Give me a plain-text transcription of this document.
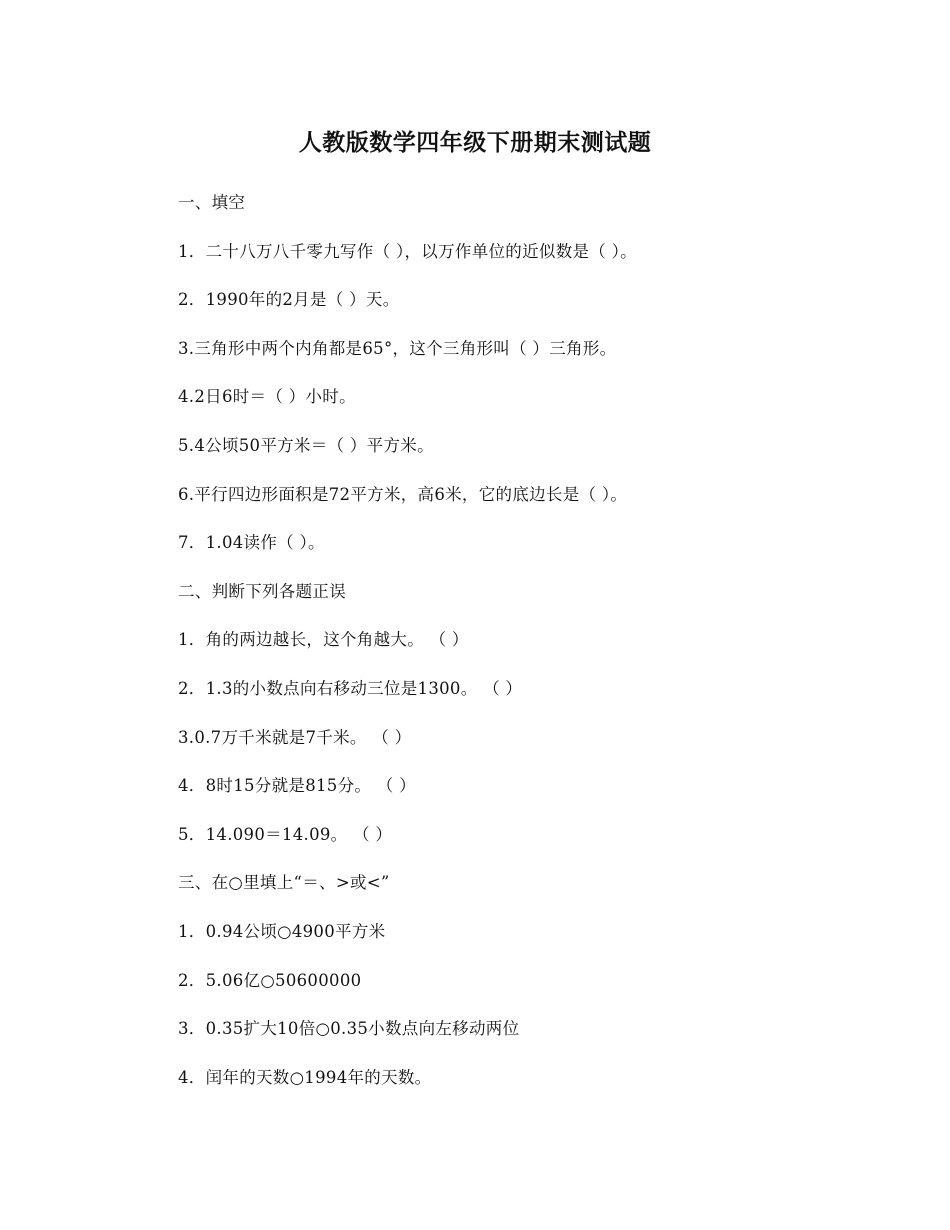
人教版数学四年级下册期末测试题
一、填空
1．二十八万八千零九写作（ ），以万作单位的近似数是（ ）。
2．1990年的2月是（ ）天。
3.三角形中两个内角都是65°，这个三角形叫（ ）三角形。
4.2日6时＝（ ）小时。
5.4公顷50平方米＝（ ）平方米。
6.平行四边形面积是72平方米，高6米，它的底边长是（ ）。
7．1.04读作（ ）。
二、判断下列各题正误
1．角的两边越长，这个角越大。 （ ）
2．1.3的小数点向右移动三位是1300。 （ ）
3.0.7万千米就是7千米。 （ ）
4．8时15分就是815分。 （ ）
5．14.090＝14.09。 （ ）
三、在○里填上“＝、>或<”
1．0.94公顷○4900平方米
2．5.06亿○50600000
3．0.35扩大10倍○0.35小数点向左移动两位
4．闰年的天数○1994年的天数。
